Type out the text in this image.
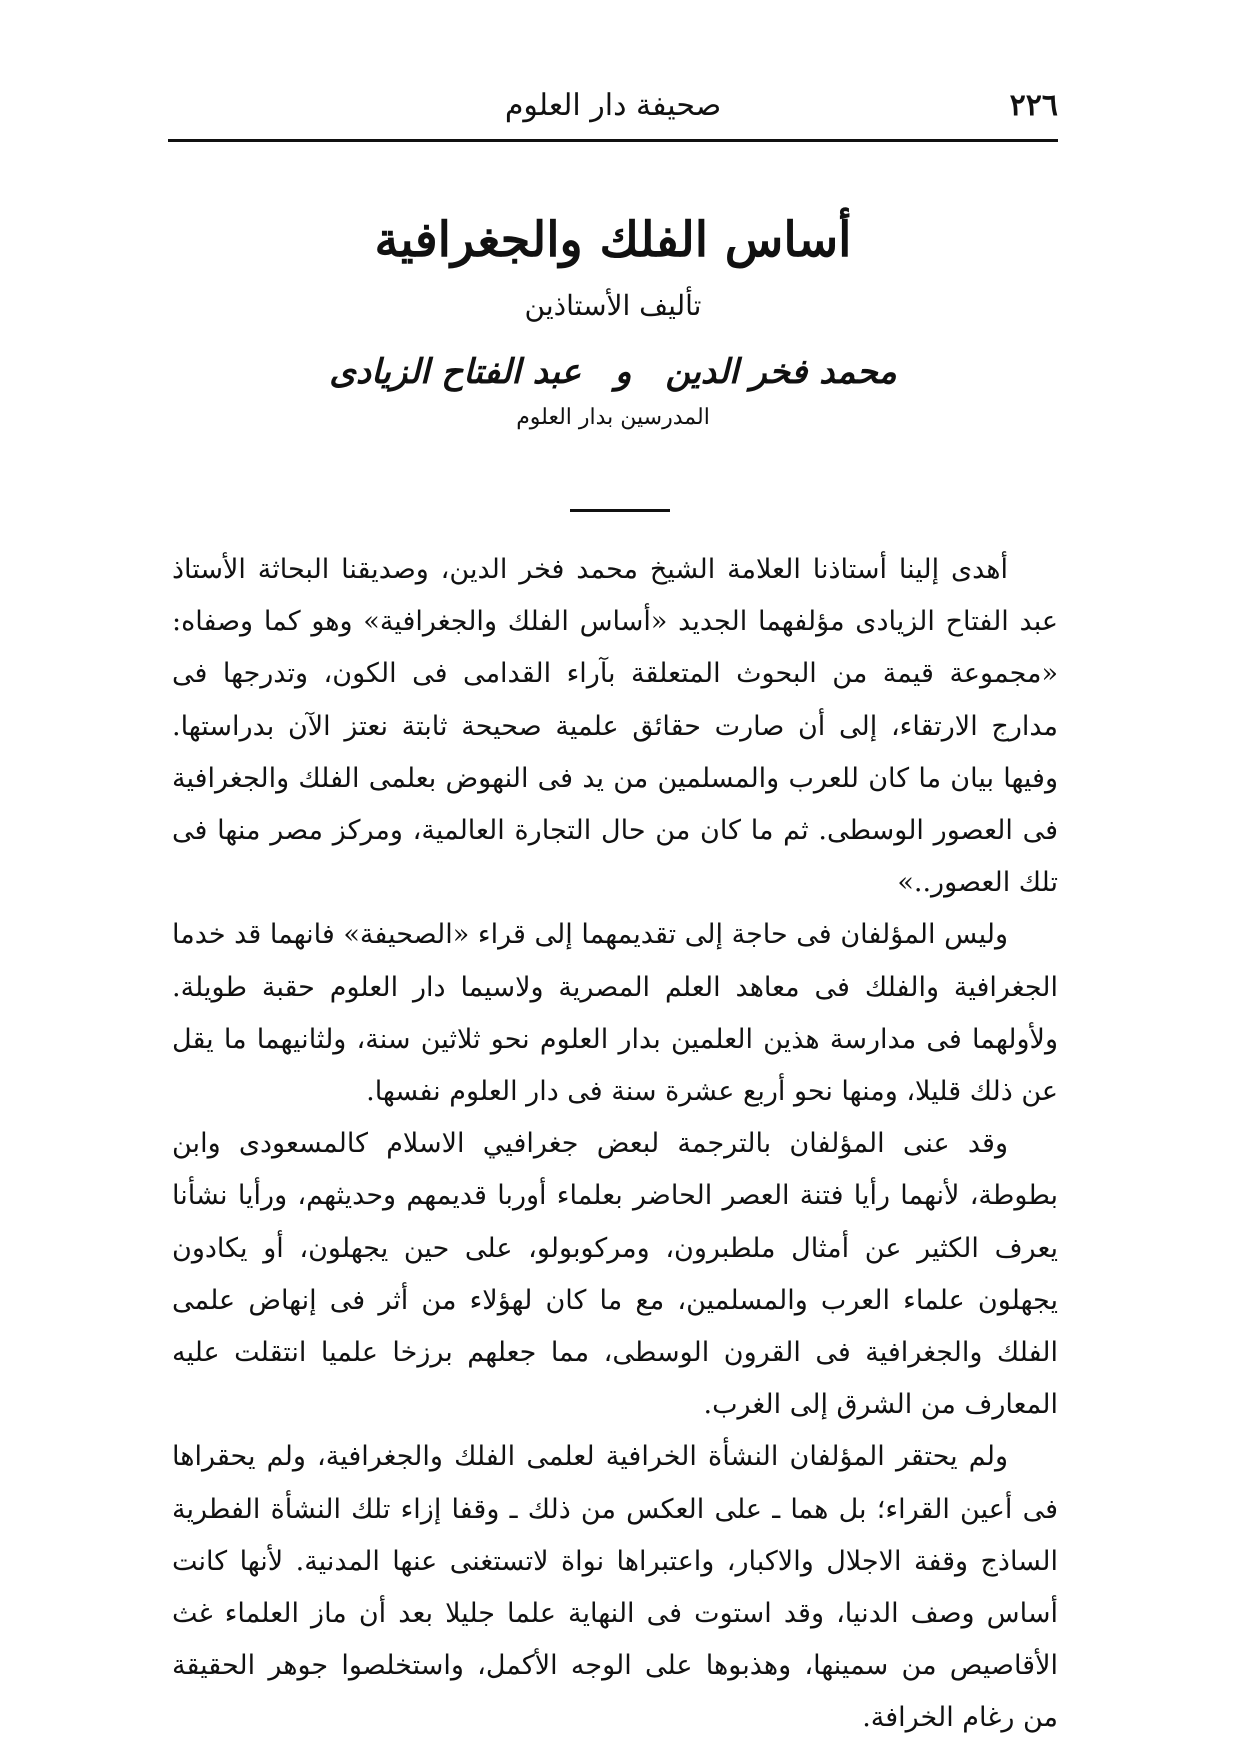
٢٢٦
صحيفة دار العلوم
أساس الفلك والجغرافية

تأليف الأستاذين

محمد فخر الدينوعبد الفتاح الزيادى

المدرسين بدار العلوم

أهدى إلينا أستاذنا العلامة الشيخ محمد فخر الدين، وصديقنا البحاثة الأستاذ عبد الفتاح الزيادى مؤلفهما الجديد «أساس الفلك والجغرافية» وهو كما وصفاه: «مجموعة قيمة من البحوث المتعلقة بآراء القدامى فى الكون، وتدرجها فى مدارج الارتقاء، إلى أن صارت حقائق علمية صحيحة ثابتة نعتز الآن بدراستها. وفيها بيان ما كان للعرب والمسلمين من يد فى النهوض بعلمى الفلك والجغرافية فى العصور الوسطى. ثم ما كان من حال التجارة العالمية، ومركز مصر منها فى تلك العصور..»

وليس المؤلفان فى حاجة إلى تقديمهما إلى قراء «الصحيفة» فانهما قد خدما الجغرافية والفلك فى معاهد العلم المصرية ولاسيما دار العلوم حقبة طويلة. ولأولهما فى مدارسة هذين العلمين بدار العلوم نحو ثلاثين سنة، ولثانيهما ما يقل عن ذلك قليلا، ومنها نحو أربع عشرة سنة فى دار العلوم نفسها.

وقد عنى المؤلفان بالترجمة لبعض جغرافيي الاسلام كالمسعودى وابن بطوطة، لأنهما رأيا فتنة العصر الحاضر بعلماء أوربا قديمهم وحديثهم، ورأيا نشأنا يعرف الكثير عن أمثال ملطبرون، ومركوبولو، على حين يجهلون، أو يكادون يجهلون علماء العرب والمسلمين، مع ما كان لهؤلاء من أثر فى إنهاض علمى الفلك والجغرافية فى القرون الوسطى، مما جعلهم برزخا علميا انتقلت عليه المعارف من الشرق إلى الغرب.

ولم يحتقر المؤلفان النشأة الخرافية لعلمى الفلك والجغرافية، ولم يحقراها فى أعين القراء؛ بل هما ـ على العكس من ذلك ـ وقفا إزاء تلك النشأة الفطرية الساذج وقفة الاجلال والاكبار، واعتبراها نواة لاتستغنى عنها المدنية. لأنها كانت أساس وصف الدنيا، وقد استوت فى النهاية علما جليلا بعد أن ماز العلماء غث الأقاصيص من سمينها، وهذبوها على الوجه الأكمل، واستخلصوا جوهر الحقيقة من رغام الخرافة.
